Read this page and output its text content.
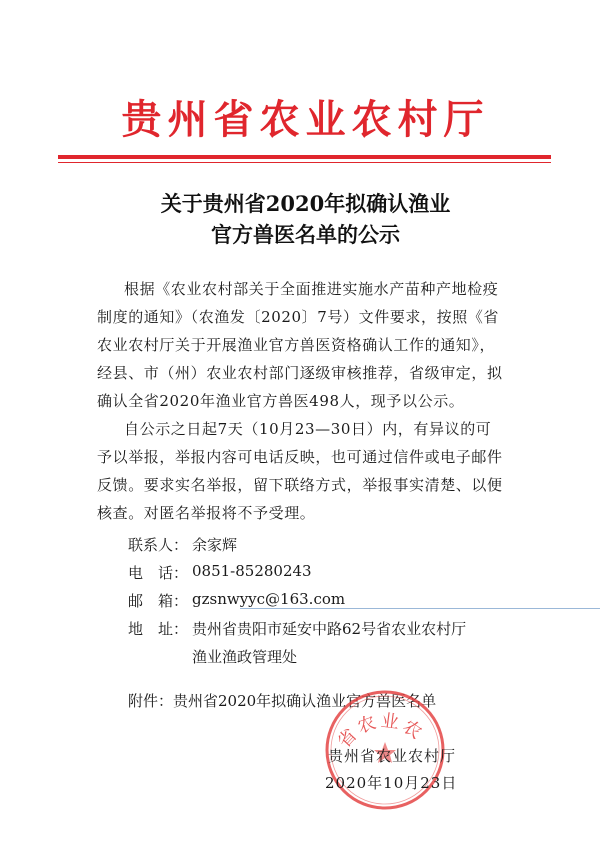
贵州省农业农村厅
关于贵州省2020年拟确认渔业
官方兽医名单的公示
根据《农业农村部关于全面推进实施水产苗种产地检疫
制度的通知》（农渔发〔2020〕7号）文件要求，按照《省
农业农村厅关于开展渔业官方兽医资格确认工作的通知》，
经县、市（州）农业农村部门逐级审核推荐，省级审定，拟
确认全省2020年渔业官方兽医498人，现予以公示。
自公示之日起7天（10月23—30日）内，有异议的可
予以举报，举报内容可电话反映，也可通过信件或电子邮件
反馈。要求实名举报，留下联络方式，举报事实清楚、以便
核查。对匿名举报将不予受理。
联系人： 余家辉
电　话： 0851-85280243
邮　箱： gzsnwyyc@163.com
地　址： 贵州省贵阳市延安中路62号省农业农村厅
渔业渔政管理处
附件：贵州省2020年拟确认渔业官方兽医名单
省农业农
贵州省农业农村厅
2020年10月23日
